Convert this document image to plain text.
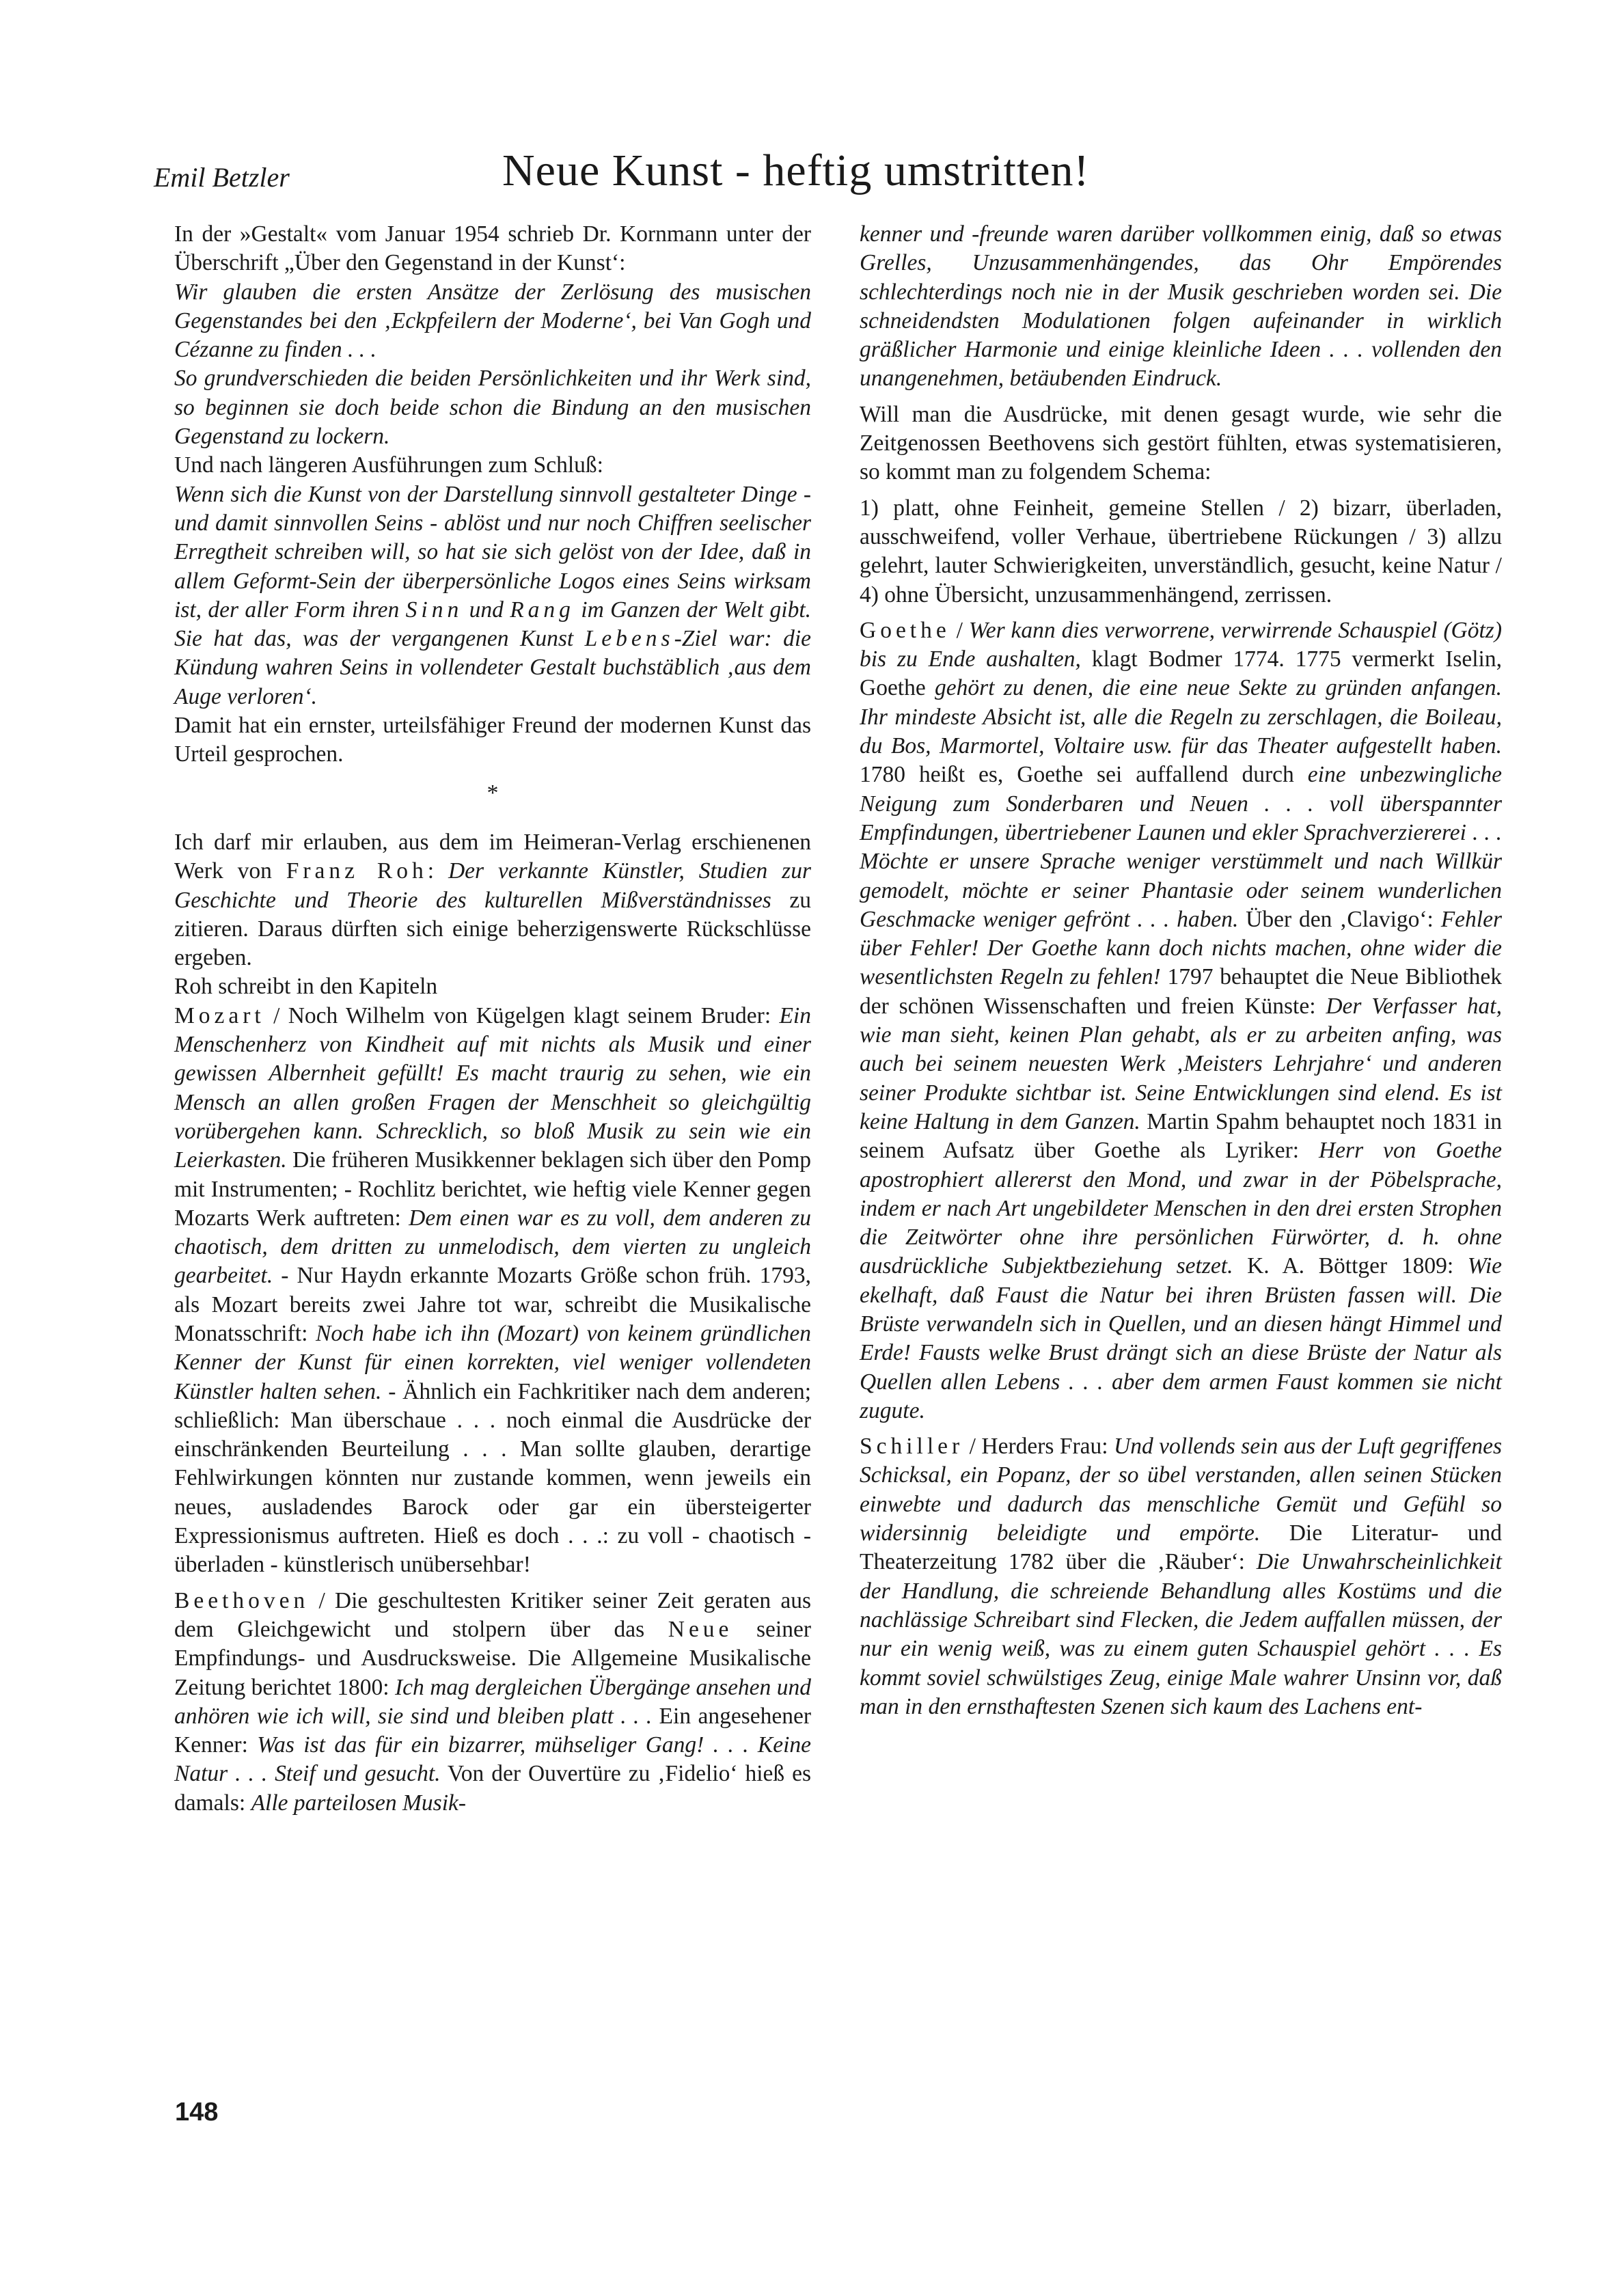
Emil Betzler	Neue Kunst - heftig umstritten!

In der »Gestalt« vom Januar 1954 schrieb Dr. Kornmann unter der Überschrift „Über den Gegenstand in der Kunst‘:

Wir glauben die ersten Ansätze der Zerlösung des musischen Gegenstandes bei den ‚Eckpfeilern der Moderne‘, bei Van Gogh und Cézanne zu finden . . .

So grundverschieden die beiden Persönlichkeiten und ihr Werk sind, so beginnen sie doch beide schon die Bindung an den musischen Gegenstand zu lockern.

Und nach längeren Ausführungen zum Schluß:

Wenn sich die Kunst von der Darstellung sinnvoll gestalteter Dinge - und damit sinnvollen Seins - ablöst und nur noch Chiffren seelischer Erregtheit schreiben will, so hat sie sich gelöst von der Idee, daß in allem Geformt-Sein der überpersönliche Logos eines Seins wirksam ist, der aller Form ihren Sinn und Rang im Ganzen der Welt gibt. Sie hat das, was der vergangenen Kunst Lebens-Ziel war: die Kündung wahren Seins in vollendeter Gestalt buchstäblich ‚aus dem Auge verloren‘.

Damit hat ein ernster, urteilsfähiger Freund der modernen Kunst das Urteil gesprochen.

*

Ich darf mir erlauben, aus dem im Heimeran-Verlag erschienenen Werk von Franz Roh: Der verkannte Künstler, Studien zur Geschichte und Theorie des kulturellen Mißverständnisses zu zitieren. Daraus dürften sich einige beherzigenswerte Rückschlüsse ergeben.

Roh schreibt in den Kapiteln

Mozart / Noch Wilhelm von Kügelgen klagt seinem Bruder: Ein Menschenherz von Kindheit auf mit nichts als Musik und einer gewissen Albernheit gefüllt! Es macht traurig zu sehen, wie ein Mensch an allen großen Fragen der Menschheit so gleichgültig vorübergehen kann. Schrecklich, so bloß Musik zu sein wie ein Leierkasten. Die früheren Musikkenner beklagen sich über den Pomp mit Instrumenten; - Rochlitz berichtet, wie heftig viele Kenner gegen Mozarts Werk auftreten: Dem einen war es zu voll, dem anderen zu chaotisch, dem dritten zu unmelodisch, dem vierten zu ungleich gearbeitet. - Nur Haydn erkannte Mozarts Größe schon früh. 1793, als Mozart bereits zwei Jahre tot war, schreibt die Musikalische Monatsschrift: Noch habe ich ihn (Mozart) von keinem gründlichen Kenner der Kunst für einen korrekten, viel weniger vollendeten Künstler halten sehen. - Ähnlich ein Fachkritiker nach dem anderen; schließlich: Man überschaue . . . noch einmal die Ausdrücke der einschränkenden Beurteilung . . . Man sollte glauben, derartige Fehlwirkungen könnten nur zustande kommen, wenn jeweils ein neues, ausladendes Barock oder gar ein übersteigerter Expressionismus auftreten. Hieß es doch . . .: zu voll - chaotisch - überladen - künstlerisch unübersehbar!

Beethoven / Die geschultesten Kritiker seiner Zeit geraten aus dem Gleichgewicht und stolpern über das Neue seiner Empfindungs- und Ausdrucksweise. Die Allgemeine Musikalische Zeitung berichtet 1800: Ich mag dergleichen Übergänge ansehen und anhören wie ich will, sie sind und bleiben platt . . . Ein angesehener Kenner: Was ist das für ein bizarrer, mühseliger Gang! . . . Keine Natur . . . Steif und gesucht. Von der Ouvertüre zu ‚Fidelio‘ hieß es damals: Alle parteilosen Musik-

kenner und -freunde waren darüber vollkommen einig, daß so etwas Grelles, Unzusammenhängendes, das Ohr Empörendes schlechterdings noch nie in der Musik geschrieben worden sei. Die schneidendsten Modulationen folgen aufeinander in wirklich gräßlicher Harmonie und einige kleinliche Ideen . . . vollenden den unangenehmen, betäubenden Eindruck.

Will man die Ausdrücke, mit denen gesagt wurde, wie sehr die Zeitgenossen Beethovens sich gestört fühlten, etwas systematisieren, so kommt man zu folgendem Schema:

1) platt, ohne Feinheit, gemeine Stellen / 2) bizarr, überladen, ausschweifend, voller Verhaue, übertriebene Rückungen / 3) allzu gelehrt, lauter Schwierigkeiten, unverständlich, gesucht, keine Natur / 4) ohne Übersicht, unzusammenhängend, zerrissen.

Goethe / Wer kann dies verworrene, verwirrende Schauspiel (Götz) bis zu Ende aushalten, klagt Bodmer 1774. 1775 vermerkt Iselin, Goethe gehört zu denen, die eine neue Sekte zu gründen anfangen. Ihr mindeste Absicht ist, alle die Regeln zu zerschlagen, die Boileau, du Bos, Marmortel, Voltaire usw. für das Theater aufgestellt haben. 1780 heißt es, Goethe sei auffallend durch eine unbezwingliche Neigung zum Sonderbaren und Neuen . . . voll überspannter Empfindungen, übertriebener Launen und ekler Sprachverziererei . . . Möchte er unsere Sprache weniger verstümmelt und nach Willkür gemodelt, möchte er seiner Phantasie oder seinem wunderlichen Geschmacke weniger gefrönt . . . haben. Über den ‚Clavigo‘: Fehler über Fehler! Der Goethe kann doch nichts machen, ohne wider die wesentlichsten Regeln zu fehlen! 1797 behauptet die Neue Bibliothek der schönen Wissenschaften und freien Künste: Der Verfasser hat, wie man sieht, keinen Plan gehabt, als er zu arbeiten anfing, was auch bei seinem neuesten Werk ‚Meisters Lehrjahre‘ und anderen seiner Produkte sichtbar ist. Seine Entwicklungen sind elend. Es ist keine Haltung in dem Ganzen. Martin Spahm behauptet noch 1831 in seinem Aufsatz über Goethe als Lyriker: Herr von Goethe apostrophiert allererst den Mond, und zwar in der Pöbelsprache, indem er nach Art ungebildeter Menschen in den drei ersten Strophen die Zeitwörter ohne ihre persönlichen Fürwörter, d. h. ohne ausdrückliche Subjektbeziehung setzet. K. A. Böttger 1809: Wie ekelhaft, daß Faust die Natur bei ihren Brüsten fassen will. Die Brüste verwandeln sich in Quellen, und an diesen hängt Himmel und Erde! Fausts welke Brust drängt sich an diese Brüste der Natur als Quellen allen Lebens . . . aber dem armen Faust kommen sie nicht zugute.

Schiller / Herders Frau: Und vollends sein aus der Luft gegriffenes Schicksal, ein Popanz, der so übel verstanden, allen seinen Stücken einwebte und dadurch das menschliche Gemüt und Gefühl so widersinnig beleidigte und empörte. Die Literatur- und Theaterzeitung 1782 über die ‚Räuber‘: Die Unwahrscheinlichkeit der Handlung, die schreiende Behandlung alles Kostüms und die nachlässige Schreibart sind Flecken, die Jedem auffallen müssen, der nur ein wenig weiß, was zu einem guten Schauspiel gehört . . . Es kommt soviel schwülstiges Zeug, einige Male wahrer Unsinn vor, daß man in den ernsthaftesten Szenen sich kaum des Lachens ent-

148
